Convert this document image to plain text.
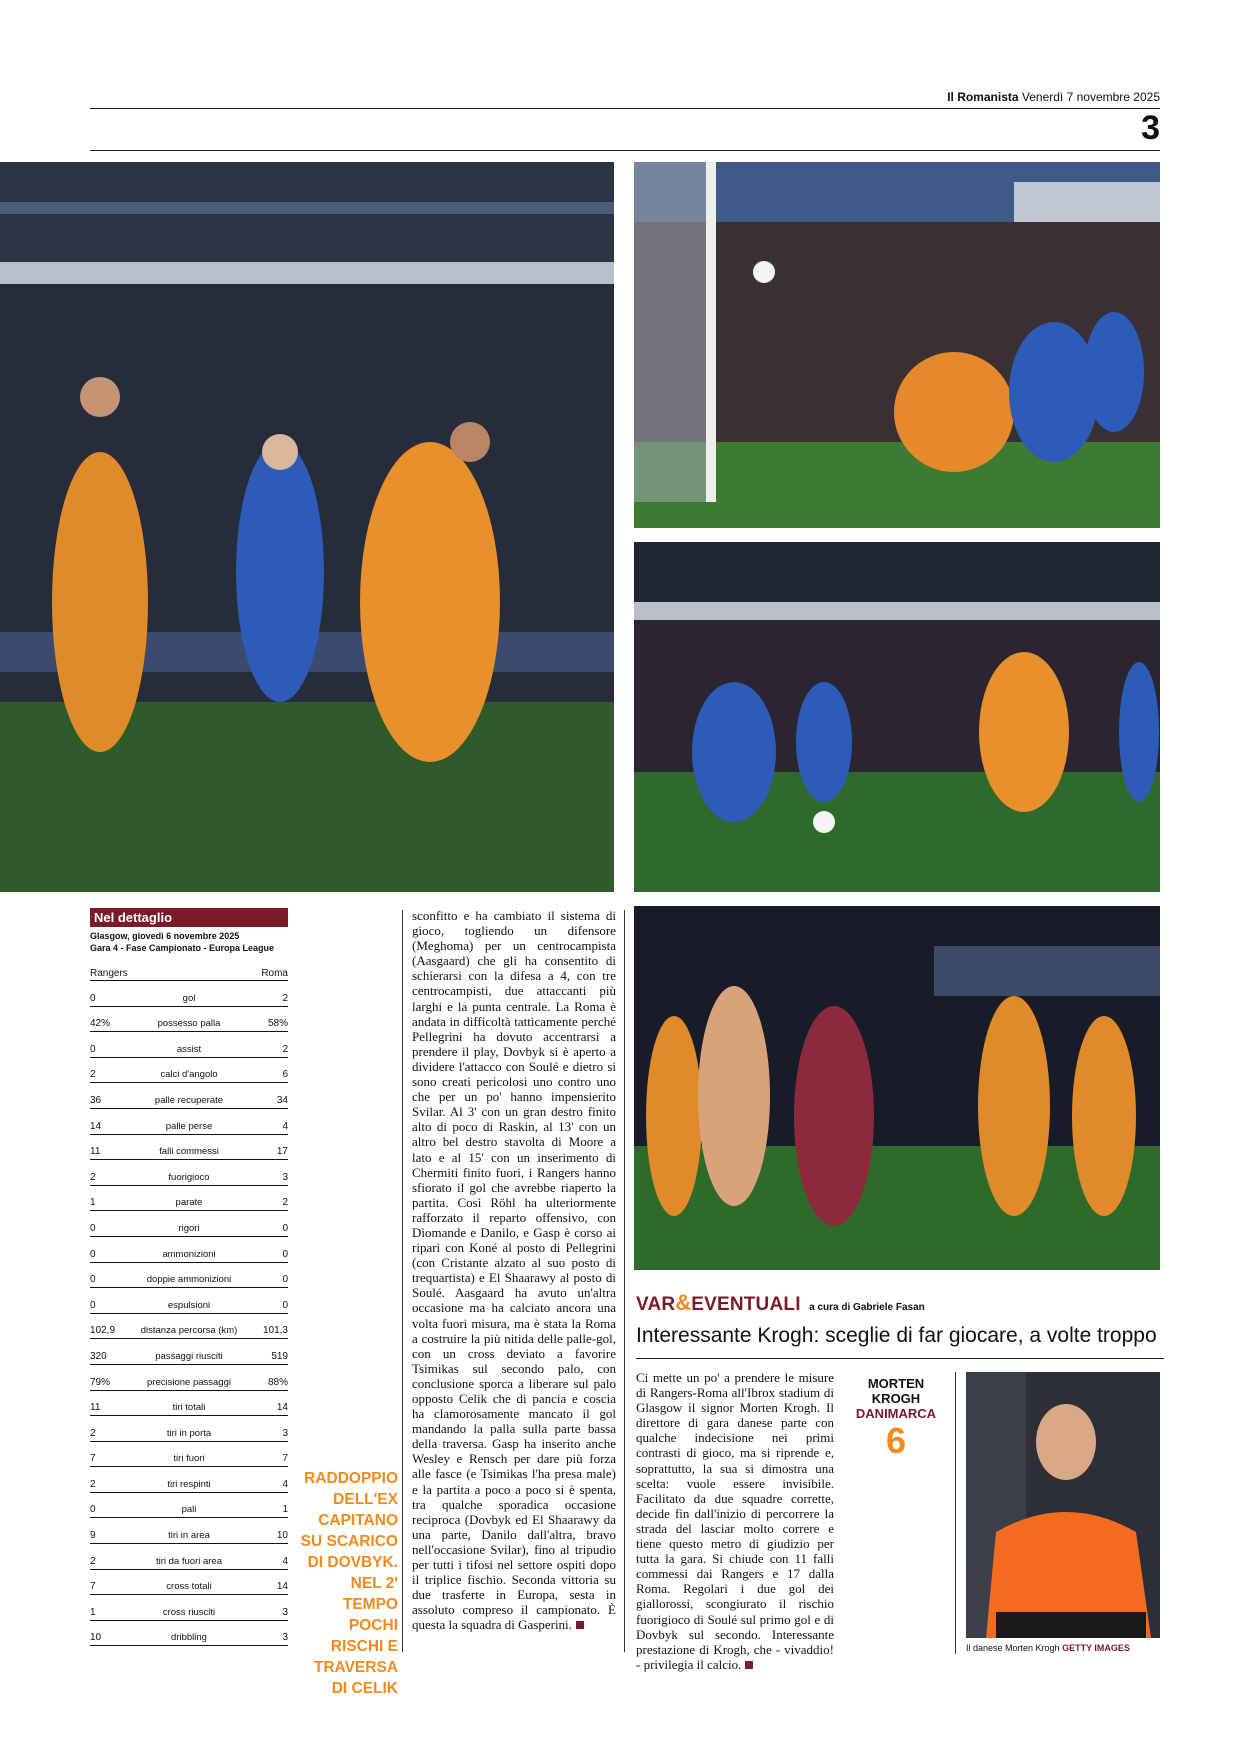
Il Romanista Venerdì 7 novembre 2025
3
Nel dettaglio
Glasgow, giovedì 6 novembre 2025
Gara 4 - Fase Campionato - Europa League
Rangers	Roma
0	gol	2
42%	possesso palla	58%
0	assist	2
2	calci d'angolo	6
36	palle recuperate	34
14	palle perse	4
11	falli commessi	17
2	fuorigioco	3
1	parate	2
0	rigori	0
0	ammonizioni	0
0	doppie ammonizioni	0
0	espulsioni	0
102,9	distanza percorsa (km)	101,3
320	passaggi riusciti	519
79%	precisione passaggi	88%
11	tiri totali	14
2	tiri in porta	3
7	tiri fuori	7
2	tiri respinti	4
0	pali	1
9	tiri in area	10
2	tiri da fuori area	4
7	cross totali	14
1	cross riusciti	3
10	dribbling	3
RADDOPPIO DELL'EX CAPITANO SU SCARICO DI DOVBYK. NEL 2' TEMPO POCHI RISCHI E TRAVERSA DI CELIK
sconfitto e ha cambiato il sistema di gioco, togliendo un difensore (Meghoma) per un centrocampista (Aasgaard) che gli ha consentito di schierarsi con la difesa a 4, con tre centrocampisti, due attaccanti più larghi e la punta centrale. La Roma è andata in difficoltà tatticamente perché Pellegrini ha dovuto accentrarsi a prendere il play, Dovbyk si è aperto a dividere l'attacco con Soulé e dietro si sono creati pericolosi uno contro uno che per un po' hanno impensierito Svilar. Al 3' con un gran destro finito alto di poco di Raskin, al 13' con un altro bel destro stavolta di Moore a lato e al 15' con un inserimento di Chermiti finito fuori, i Rangers hanno sfiorato il gol che avrebbe riaperto la partita. Così Röhl ha ulteriormente rafforzato il reparto offensivo, con Diomande e Danilo, e Gasp è corso ai ripari con Koné al posto di Pellegrini (con Cristante alzato al suo posto di trequartista) e El Shaarawy al posto di Soulé. Aasgaard ha avuto un'altra occasione ma ha calciato ancora una volta fuori misura, ma è stata la Roma a costruire la più nitida delle palle-gol, con un cross deviato a favorire Tsimikas sul secondo palo, con conclusione sporca a liberare sul palo opposto Celik che di pancia e coscia ha clamorosamente mancato il gol mandando la palla sulla parte bassa della traversa. Gasp ha inserito anche Wesley e Rensch per dare più forza alle fasce (e Tsimikas l'ha presa male) e la partita a poco a poco si è spenta, tra qualche sporadica occasione reciproca (Dovbyk ed El Shaarawy da una parte, Danilo dall'altra, bravo nell'occasione Svilar), fino al tripudio per tutti i tifosi nel settore ospiti dopo il triplice fischio. Seconda vittoria su due trasferte in Europa, sesta in assoluto compreso il campionato. È questa la squadra di Gasperini.
VAR&EVENTUALI a cura di Gabriele Fasan
Interessante Krogh: sceglie di far giocare, a volte troppo
Ci mette un po' a prendere le misure di Rangers-Roma all'Ibrox stadium di Glasgow il signor Morten Krogh. Il direttore di gara danese parte con qualche indecisione nei primi contrasti di gioco, ma si riprende e, soprattutto, la sua si dimostra una scelta: vuole essere invisibile. Facilitato da due squadre corrette, decide fin dall'inizio di percorrere la strada del lasciar molto correre e tiene questo metro di giudizio per tutta la gara. Si chiude con 11 falli commessi dai Rangers e 17 dalla Roma. Regolari i due gol dei giallorossi, scongiurato il rischio fuorigioco di Soulé sul primo gol e di Dovbyk sul secondo. Interessante prestazione di Krogh, che - vivaddio! - privilegia il calcio.
MORTEN
KROGH
DANIMARCA
6
Il danese Morten Krogh GETTY IMAGES
